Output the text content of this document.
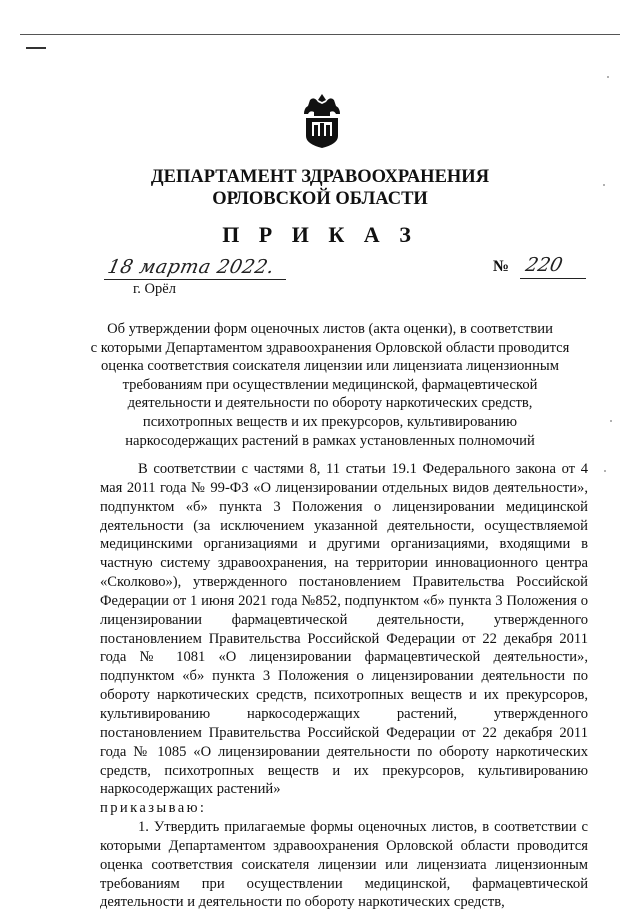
ДЕПАРТАМЕНТ ЗДРАВООХРАНЕНИЯ
ОРЛОВСКОЙ ОБЛАСТИ
П Р И К А З
18 марта 2022.
г. Орёл
№ 220
Об утверждении форм оценочных листов (акта оценки), в соответствии
с которыми Департаментом здравоохранения Орловской области проводится
оценка соответствия соискателя лицензии или лицензиата лицензионным
требованиям при осуществлении медицинской, фармацевтической
деятельности и деятельности по обороту наркотических средств,
психотропных веществ и их прекурсоров, культивированию
наркосодержащих растений в рамках установленных полномочий

В соответствии с частями 8, 11 статьи 19.1 Федерального закона от 4 мая 2011 года № 99-ФЗ «О лицензировании отдельных видов деятельности», подпунктом «б» пункта 3 Положения о лицензировании медицинской деятельности (за исключением указанной деятельности, осуществляемой медицинскими организациями и другими организациями, входящими в частную систему здравоохранения, на территории инновационного центра «Сколково»), утвержденного постановлением Правительства Российской Федерации от 1 июня 2021 года №852, подпунктом «б» пункта 3 Положения о лицензировании фармацевтической деятельности, утвержденного постановлением Правительства Российской Федерации от 22 декабря 2011 года № 1081 «О лицензировании фармацевтической деятельности», подпунктом «б» пункта 3 Положения о лицензировании деятельности по обороту наркотических средств, психотропных веществ и их прекурсоров, культивированию наркосодержащих растений, утвержденного постановлением Правительства Российской Федерации от 22 декабря 2011 года № 1085 «О лицензировании деятельности по обороту наркотических средств, психотропных веществ и их прекурсоров, культивированию наркосодержащих растений»

приказываю:

1. Утвердить прилагаемые формы оценочных листов, в соответствии с которыми Департаментом здравоохранения Орловской области проводится оценка соответствия соискателя лицензии или лицензиата лицензионным требованиям при осуществлении медицинской, фармацевтической деятельности и деятельности по обороту наркотических средств,
